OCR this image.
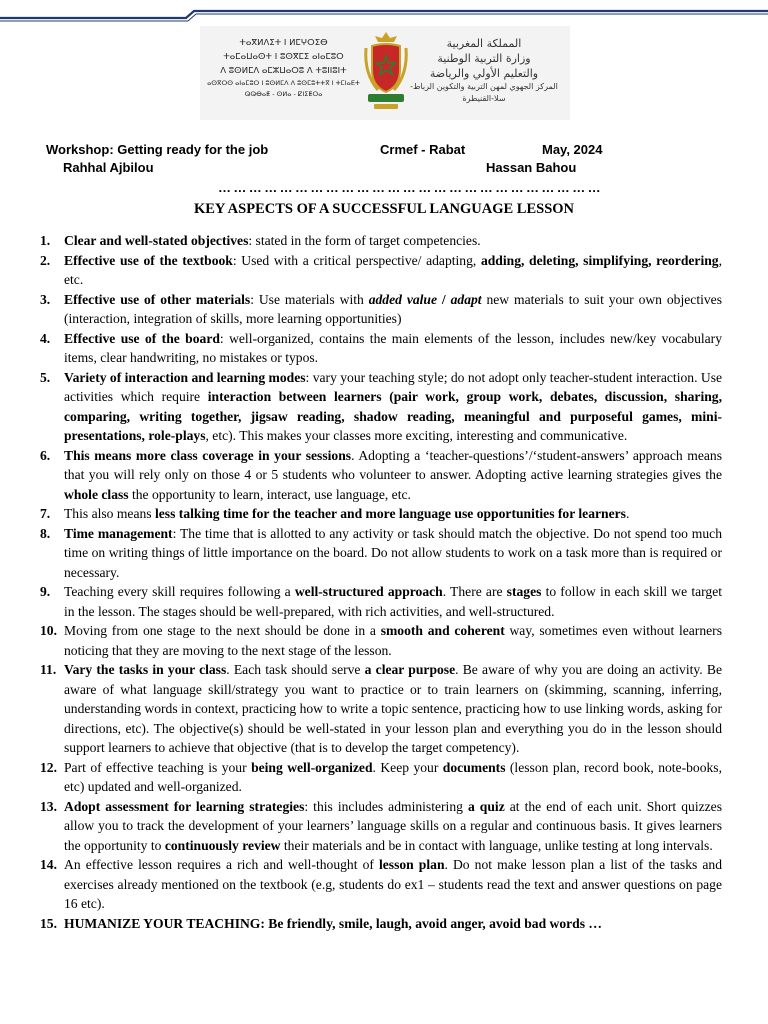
ⵜⴰⴳⵍⴷⵉⵜ ⵏ ⵍⵎⵖⵔⵉⴱ
ⵜⴰⵎⴰⵡⴰⵙⵜ ⵏ ⵓⵙⴳⵎⵉ ⴰⵏⴰⵎⵓⵔ
ⴷ ⵓⵙⵍⵎⴷ ⴰⵎⵣⵡⴰⵔⵓ ⴷ ⵜⵓⵏⵏⵓⵏⵜ
ⴰⵙⴳⵔⵙ ⴰⵏⴰⵎⵓⵔ ⵏ ⵓⵙⵍⵎⴷ ⴷ ⵓⵙⵎⵓⵜⵜⴳ ⵏ ⵜⵎⵏⴰⴹⵜ ⵕⵕⴱⴰⵟ - ⵙⵍⴰ - ⵇⵏⵉⵟⵔⴰ
المملكة المغربية
وزارة التربية الوطنية
والتعليم الأولي والرياضة
المركز الجهوي لمهن التربية والتكوين الرباط-سلا-القنيطرة
Workshop: Getting ready for the job	Crmef - Rabat	May, 2024
Rahhal Ajbilou	Hassan Bahou
…………………………………………………………………
KEY ASPECTS OF A SUCCESSFUL LANGUAGE LESSON
1. Clear and well-stated objectives: stated in the form of target competencies.
2. Effective use of the textbook: Used with a critical perspective/ adapting, adding, deleting, simplifying, reordering, etc.
3. Effective use of other materials: Use materials with added value / adapt new materials to suit your own objectives (interaction, integration of skills, more learning opportunities)
4. Effective use of the board: well-organized, contains the main elements of the lesson, includes new/key vocabulary items, clear handwriting, no mistakes or typos.
5. Variety of interaction and learning modes: vary your teaching style; do not adopt only teacher-student interaction. Use activities which require interaction between learners (pair work, group work, debates, discussion, sharing, comparing, writing together, jigsaw reading, shadow reading, meaningful and purposeful games, mini-presentations, role-plays, etc). This makes your classes more exciting, interesting and communicative.
6. This means more class coverage in your sessions. Adopting a ‘teacher-questions’/‘student-answers’ approach means that you will rely only on those 4 or 5 students who volunteer to answer. Adopting active learning strategies gives the whole class the opportunity to learn, interact, use language, etc.
7. This also means less talking time for the teacher and more language use opportunities for learners.
8. Time management: The time that is allotted to any activity or task should match the objective. Do not spend too much time on writing things of little importance on the board. Do not allow students to work on a task more than is required or necessary.
9. Teaching every skill requires following a well-structured approach. There are stages to follow in each skill we target in the lesson. The stages should be well-prepared, with rich activities, and well-structured.
10. Moving from one stage to the next should be done in a smooth and coherent way, sometimes even without learners noticing that they are moving to the next stage of the lesson.
11. Vary the tasks in your class. Each task should serve a clear purpose. Be aware of why you are doing an activity. Be aware of what language skill/strategy you want to practice or to train learners on (skimming, scanning, inferring, understanding words in context, practicing how to write a topic sentence, practicing how to use linking words, asking for directions, etc). The objective(s) should be well-stated in your lesson plan and everything you do in the lesson should support learners to achieve that objective (that is to develop the target competency).
12. Part of effective teaching is your being well-organized. Keep your documents (lesson plan, record book, note-books, etc) updated and well-organized.
13. Adopt assessment for learning strategies: this includes administering a quiz at the end of each unit. Short quizzes allow you to track the development of your learners’ language skills on a regular and continuous basis. It gives learners the opportunity to continuously review their materials and be in contact with language, unlike testing at long intervals.
14. An effective lesson requires a rich and well-thought of lesson plan. Do not make lesson plan a list of the tasks and exercises already mentioned on the textbook (e.g, students do ex1 – students read the text and answer questions on page 16 etc).
15. HUMANIZE YOUR TEACHING: Be friendly, smile, laugh, avoid anger, avoid bad words …
